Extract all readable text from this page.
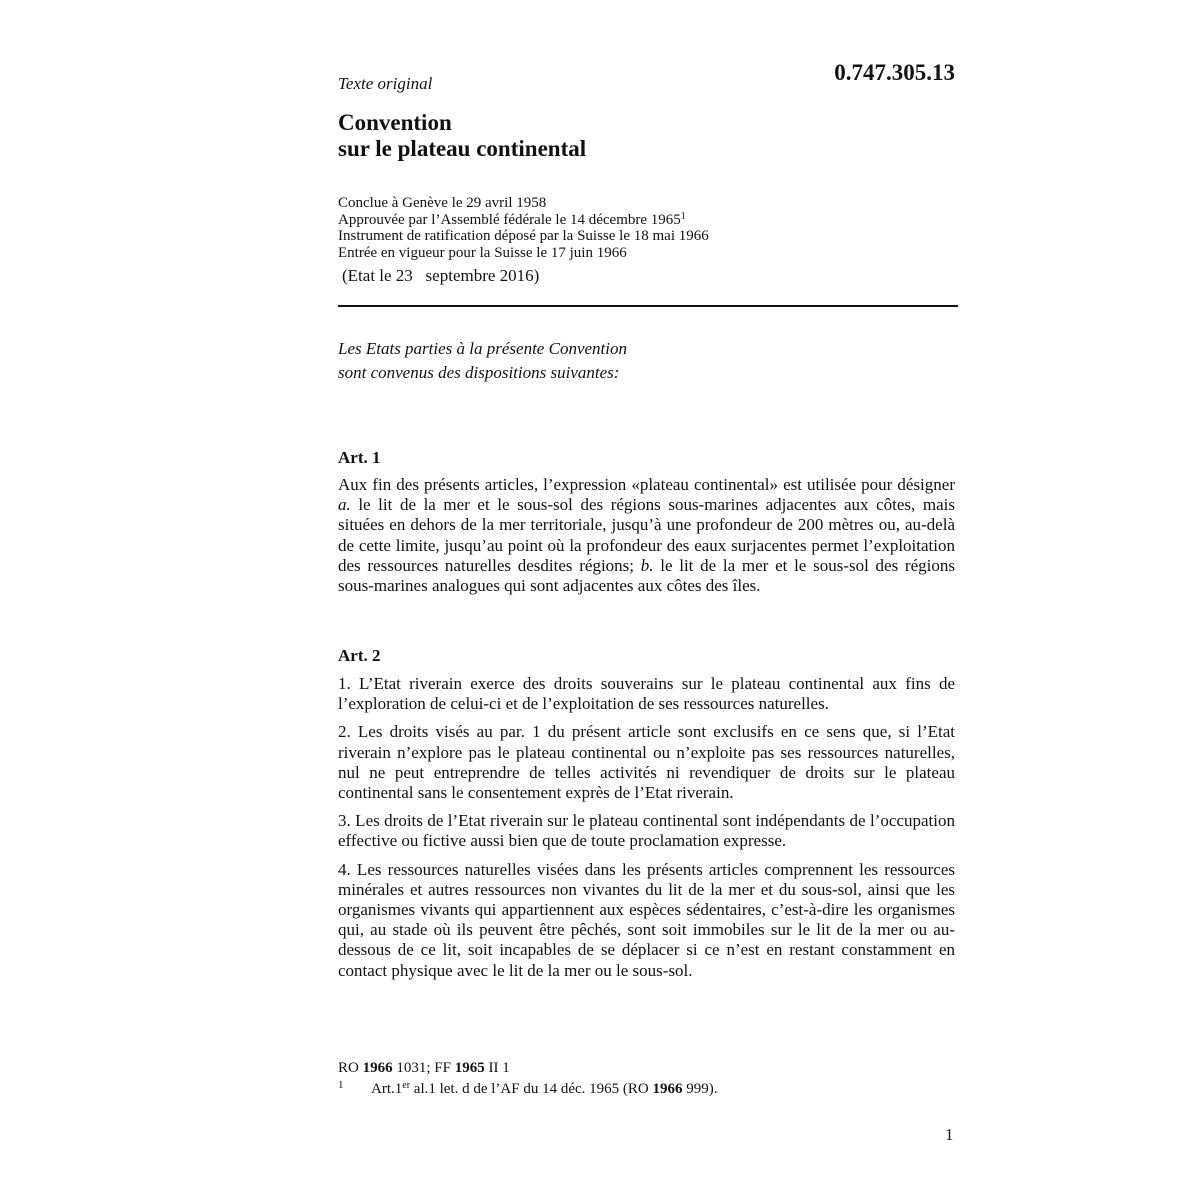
Texte original	0.747.305.13
Convention
sur le plateau continental
Conclue à Genève le 29 avril 1958
Approuvée par l’Assemblé fédérale le 14 décembre 1965$^1$
Instrument de ratification déposé par la Suisse le 18 mai 1966
Entrée en vigueur pour la Suisse le 17 juin 1966
(Etat le 23   septembre 2016)
Les Etats parties à la présente Convention
sont convenus des dispositions suivantes:
Art. 1

Aux fin des présents articles, l’expression «plateau continental» est utilisée pour désigner a. le lit de la mer et le sous-sol des régions sous-marines adjacentes aux côtes, mais situées en dehors de la mer territoriale, jusqu’à une profondeur de 200 mètres ou, au-delà de cette limite, jusqu’au point où la profondeur des eaux surjacentes permet l’exploitation des ressources naturelles desdites régions; b. le lit de la mer et le sous-sol des régions sous-marines analogues qui sont adjacentes aux côtes des îles.

Art. 2

1. L’Etat riverain exerce des droits souverains sur le plateau continental aux fins de l’exploration de celui-ci et de l’exploitation de ses ressources naturelles.

2. Les droits visés au par. 1 du présent article sont exclusifs en ce sens que, si l’Etat riverain n’explore pas le plateau continental ou n’exploite pas ses ressources naturelles, nul ne peut entreprendre de telles activités ni revendiquer de droits sur le plateau continental sans le consentement exprès de l’Etat riverain.

3. Les droits de l’Etat riverain sur le plateau continental sont indépendants de l’occupation effective ou fictive aussi bien que de toute proclamation expresse.

4. Les ressources naturelles visées dans les présents articles comprennent les ressources minérales et autres ressources non vivantes du lit de la mer et du sous-sol, ainsi que les organismes vivants qui appartiennent aux espèces sédentaires, c’est-à-dire les organismes qui, au stade où ils peuvent être pêchés, sont soit immobiles sur le lit de la mer ou au-dessous de ce lit, soit incapables de se déplacer si ce n’est en restant constamment en contact physique avec le lit de la mer ou le sous-sol.

RO 1966 1031; FF 1965 II 1
1 Art.1er al.1 let. d de l’AF du 14 déc. 1965 (RO 1966 999).
1
